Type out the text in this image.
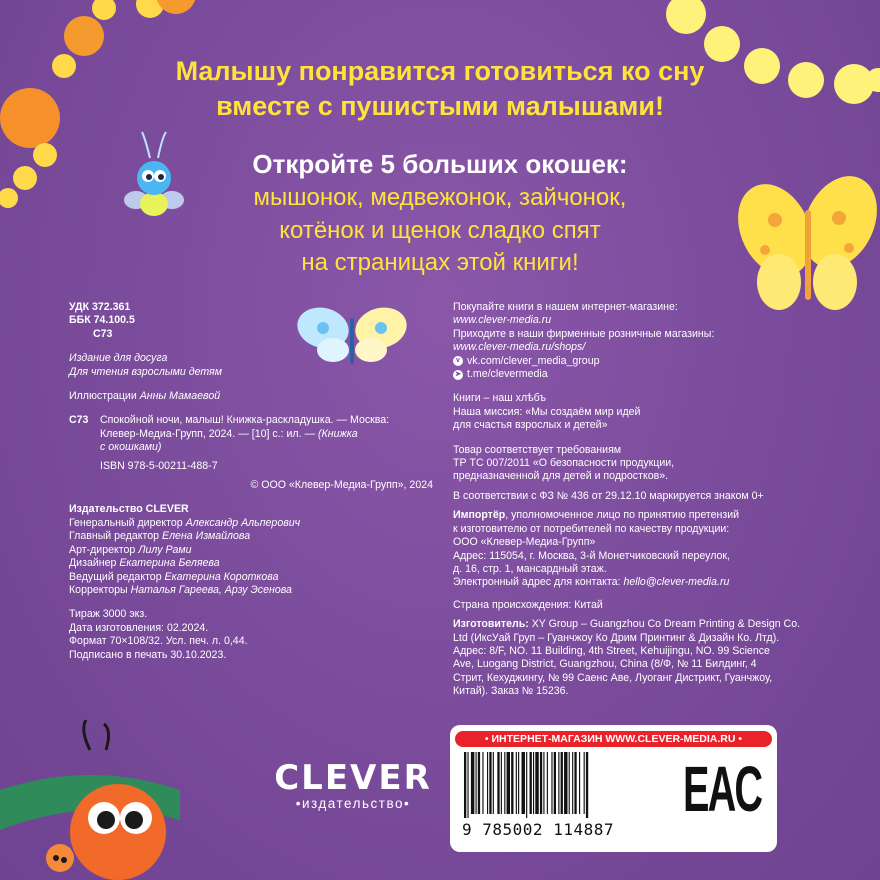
Малышу понравится готовиться ко сну
вместе с пушистыми малышами!
Откройте 5 больших окошек:
мышонок, медвежонок, зайчонок,
котёнок и щенок сладко спят
на страницах этой книги!
УДК 372.361
ББК 74.100.5
С73
Издание для досуга
Для чтения взрослыми детям
Иллюстрации Анны Мамаевой
С73 Спокойной ночи, малыш! Книжка-раскладушка. — Москва:
Клевер-Медиа-Групп, 2024. — [10] с.: ил. — (Книжка
с окошками)
ISBN 978-5-00211-488-7
© ООО «Клевер-Медиа-Групп», 2024
Издательство CLEVER
Генеральный директор Александр Альперович
Главный редактор Елена Измайлова
Арт-директор Лилу Рами
Дизайнер Екатерина Беляева
Ведущий редактор Екатерина Короткова
Корректоры Наталья Гареева, Арзу Эсенова
Тираж 3000 экз.
Дата изготовления: 02.2024.
Формат 70×108/32. Усл. печ. л. 0,44.
Подписано в печать 30.10.2023.
Покупайте книги в нашем интернет-магазине:
www.clever-media.ru
Приходите в наши фирменные розничные магазины:
www.clever-media.ru/shops/
v vk.com/clever_media_group
➤ t.me/clevermedia
Книги – наш хлѣбъ
Наша миссия: «Мы создаём мир идей
для счастья взрослых и детей»
Товар соответствует требованиям
ТР ТС 007/2011 «О безопасности продукции,
предназначенной для детей и подростков».
В соответствии с ФЗ № 436 от 29.12.10 маркируется знаком 0+
Импортёр, уполномоченное лицо по принятию претензий
к изготовителю от потребителей по качеству продукции:
ООО «Клевер-Медиа-Групп»
Адрес: 115054, г. Москва, 3-й Монетчиковский переулок,
д. 16, стр. 1, мансардный этаж.
Электронный адрес для контакта: hello@clever-media.ru
Страна происхождения: Китай
Изготовитель: XY Group – Guangzhou Co Dream Printing & Design Co.
Ltd (ИксУай Груп – Гуанчжоу Ко Дрим Принтинг & Дизайн Ко. Лтд).
Адрес: 8/F, NO. 11 Building, 4th Street, Kehuijingu, NO. 99 Science
Ave, Luogang District, Guangzhou, China (8/Ф, № 11 Билдинг, 4
Стрит, Кехуджингу, № 99 Саенс Аве, Луоганг Дистрикт, Гуанчжоу,
Китай). Заказ № 15236.
CLEVER
•издательство•
• ИНТЕРНЕТ-МАГАЗИН WWW.CLEVER-MEDIA.RU •
9 785002 114887
EAC
